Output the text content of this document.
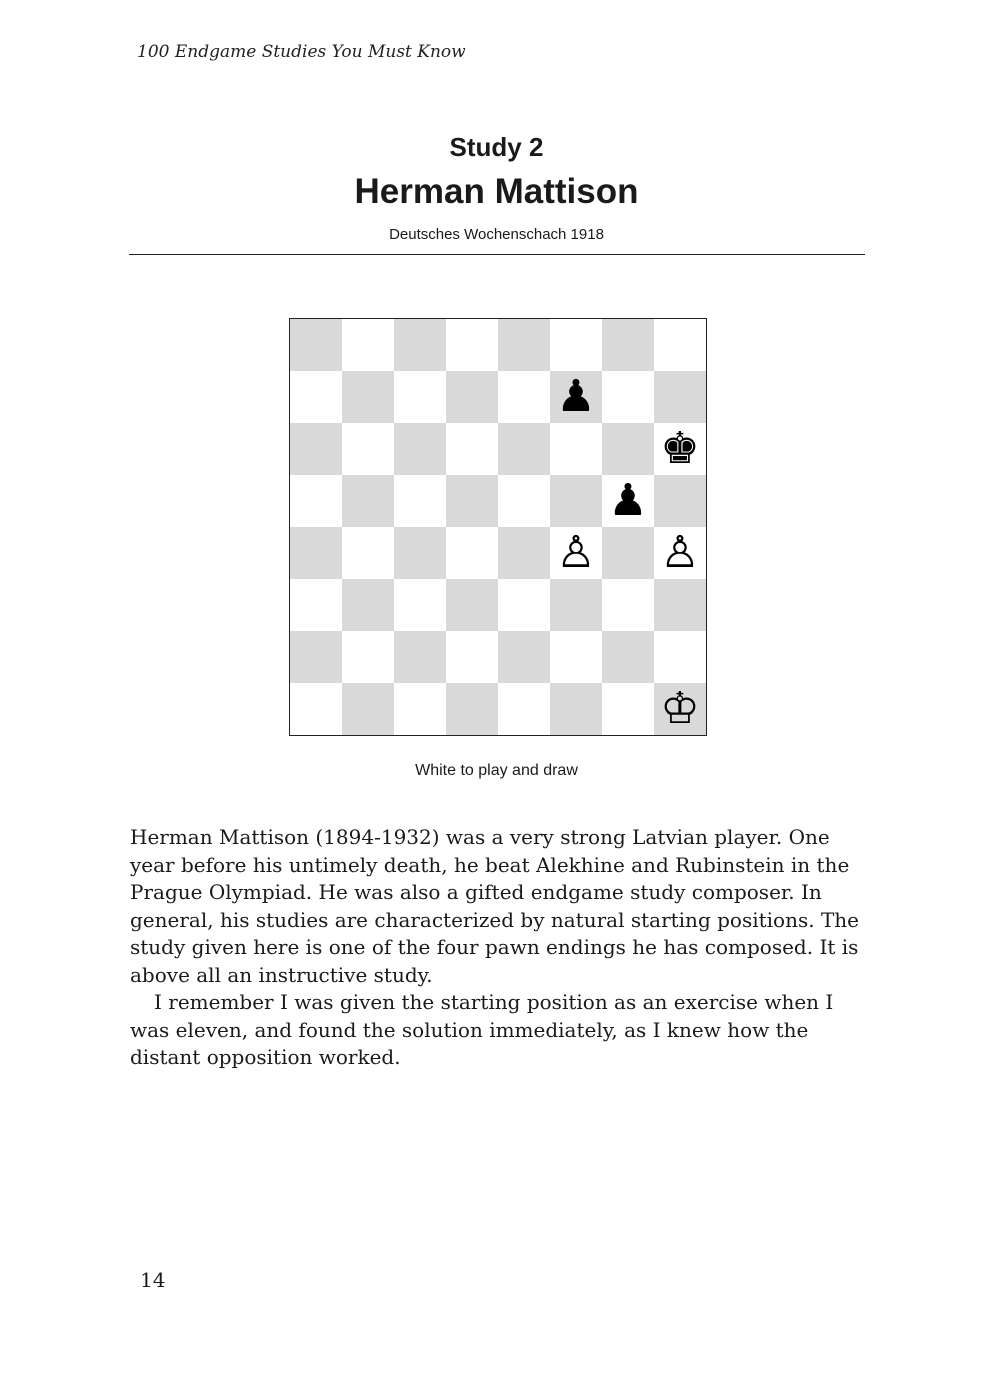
100 Endgame Studies You Must Know
Study 2
Herman Mattison
Deutsches Wochenschach 1918
♟
♚
♟
♙ ♙
♔
White to play and draw

Herman Mattison (1894-1932) was a very strong Latvian player. One year before his untimely death, he beat Alekhine and Rubinstein in the Prague Olympiad. He was also a gifted endgame study composer. In general, his studies are characterized by natural starting positions. The study given here is one of the four pawn endings he has composed. It is above all an instructive study.

I remember I was given the starting position as an exercise when I was eleven, and found the solution immediately, as I knew how the distant opposition worked.

14
